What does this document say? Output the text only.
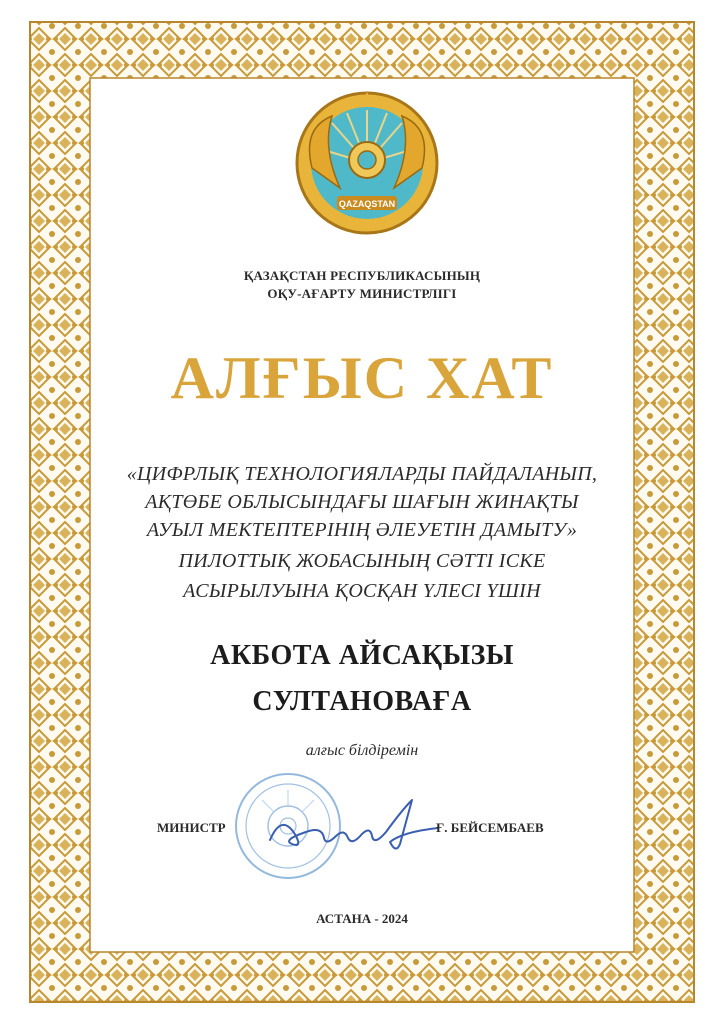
QAZAQSTAN
ҚАЗАҚСТАН РЕСПУБЛИКАСЫНЫҢ
ОҚУ-АҒАРТУ МИНИСТРЛІГІ
АЛҒЫС ХАТ
«ЦИФРЛЫҚ ТЕХНОЛОГИЯЛАРДЫ ПАЙДАЛАНЫП,
АҚТӨБЕ ОБЛЫСЫНДАҒЫ ШАҒЫН ЖИНАҚТЫ
АУЫЛ МЕКТЕПТЕРІНІҢ ӘЛЕУЕТІН ДАМЫТУ»
ПИЛОТТЫҚ ЖОБАСЫНЫҢ СӘТТІ ІСКЕ
АСЫРЫЛУЫНА ҚОСҚАН ҮЛЕСІ ҮШІН
АКБОТА АЙСАҚЫЗЫ
СУЛТАНОВАҒА
алғыс білдіремін
МИНИСТР	Ғ. БЕЙСЕМБАЕВ
АСТАНА - 2024
